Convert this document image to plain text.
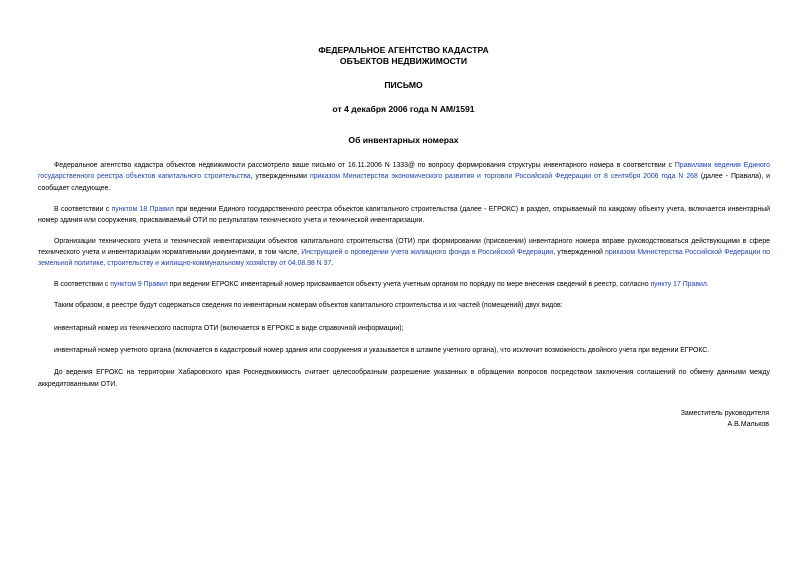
ФЕДЕРАЛЬНОЕ АГЕНТСТВО КАДАСТРА
ОБЪЕКТОВ НЕДВИЖИМОСТИ
ПИСЬМО
от 4 декабря 2006 года N АМ/1591
Об инвентарных номерах

Федеральное агентство кадастра объектов недвижимости рассмотрело ваше письмо от 16.11.2006 N 1333@ по вопросу формирования структуры инвентарного номера в соответствии с Правилами ведения Единого государственного реестра объектов капитального строительства, утвержденными приказом Министерства экономического развития и торговли Российской Федерации от 8 сентября 2006 года N 268 (далее - Правила), и сообщает следующее.

В соответствии с пунктом 18 Правил при ведении Единого государственного реестра объектов капитального строительства (далее - ЕГРОКС) в раздел, открываемый по каждому объекту учета, включается инвентарный номер здания или сооружения, присваиваемый ОТИ по результатам технического учета и технической инвентаризации.

Организации технического учета и технической инвентаризации объектов капитального строительства (ОТИ) при формировании (присвоении) инвентарного номера вправе руководствоваться действующими в сфере технического учета и инвентаризации нормативными документами, в том числе, Инструкцией о проведении учета жилищного фонда в Российской Федерации, утвержденной приказом Министерства Российской Федерации по земельной политике, строительству и жилищно-коммунальному хозяйству от 04.08.98 N 37.

В соответствии с пунктом 9 Правил при ведении ЕГРОКС инвентарный номер присваивается объекту учета учетным органом по порядку по мере внесения сведений в реестр, согласно пункту 17 Правил.

Таким образом, в реестре будут содержаться сведения по инвентарным номерам объектов капитального строительства и их частей (помещений) двух видов:

инвентарный номер из технического паспорта ОТИ (включается в ЕГРОКС в виде справочной информации);

инвентарный номер учетного органа (включается в кадастровый номер здания или сооружения и указывается в штампе учетного органа), что исключит возможность двойного учета при ведении ЕГРОКС.

До ведения ЕГРОКС на территории Хабаровского края Роснедвижимость считает целесообразным разрешение указанных в обращении вопросов посредством заключения соглашений по обмену данными между аккредитованными ОТИ.

Заместитель руководителя
А.В.Мальков
